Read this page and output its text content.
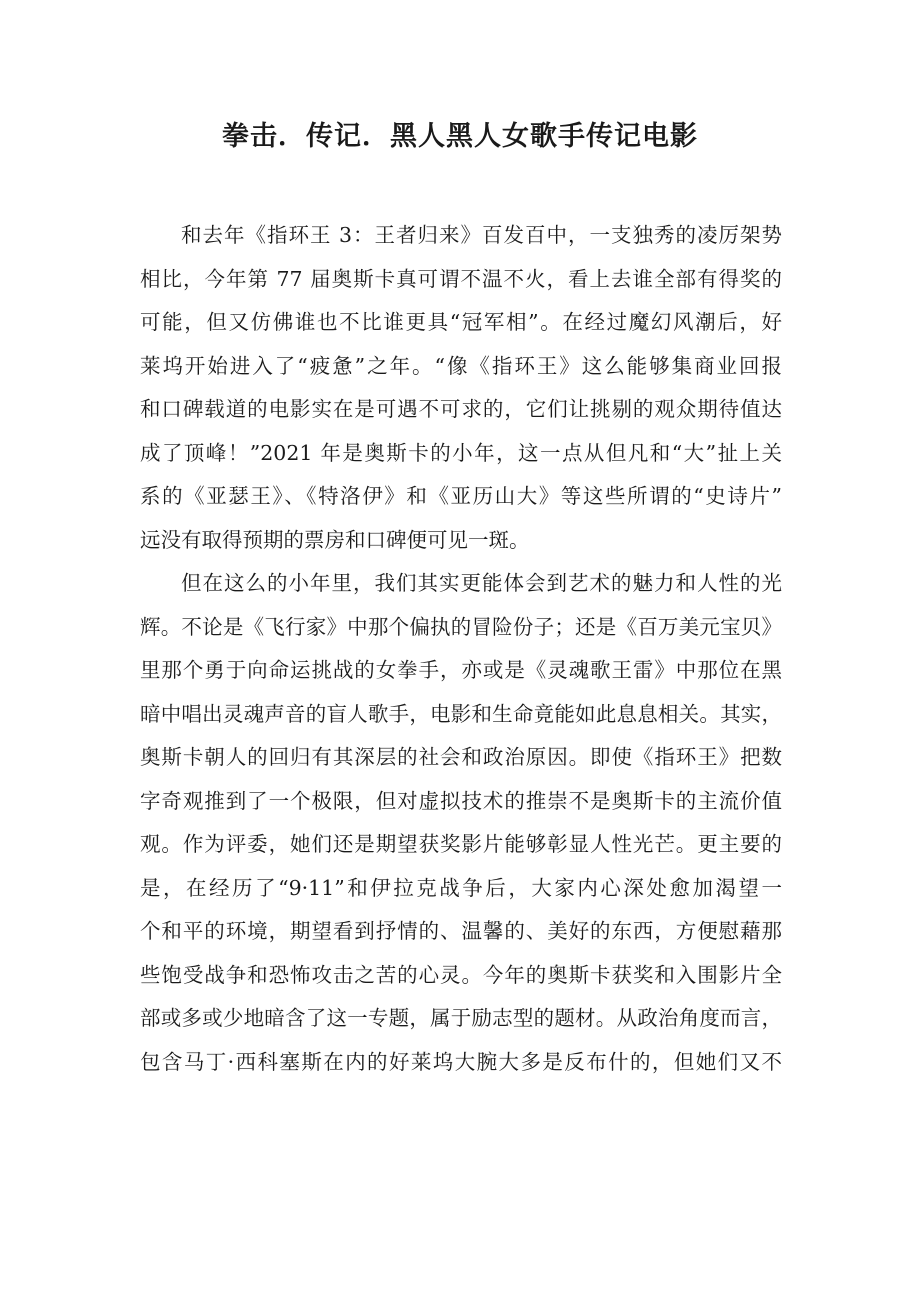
拳击．传记．黑人黑人女歌手传记电影
和去年《指环王 3：王者归来》百发百中，一支独秀的凌厉架势
相比，今年第 77 届奥斯卡真可谓不温不火，看上去谁全部有得奖的
可能，但又仿佛谁也不比谁更具“冠军相”。在经过魔幻风潮后，好
莱坞开始进入了“疲惫”之年。“像《指环王》这么能够集商业回报
和口碑载道的电影实在是可遇不可求的，它们让挑剔的观众期待值达
成了顶峰！”2021 年是奥斯卡的小年，这一点从但凡和“大”扯上关
系的《亚瑟王》、《特洛伊》和《亚历山大》等这些所谓的“史诗片”
远没有取得预期的票房和口碑便可见一斑。
但在这么的小年里，我们其实更能体会到艺术的魅力和人性的光
辉。不论是《飞行家》中那个偏执的冒险份子；还是《百万美元宝贝》
里那个勇于向命运挑战的女拳手，亦或是《灵魂歌王雷》中那位在黑
暗中唱出灵魂声音的盲人歌手，电影和生命竟能如此息息相关。其实，
奥斯卡朝人的回归有其深层的社会和政治原因。即使《指环王》把数
字奇观推到了一个极限，但对虚拟技术的推崇不是奥斯卡的主流价值
观。作为评委，她们还是期望获奖影片能够彰显人性光芒。更主要的
是，在经历了“9·11”和伊拉克战争后，大家内心深处愈加渴望一
个和平的环境，期望看到抒情的、温馨的、美好的东西，方便慰藉那
些饱受战争和恐怖攻击之苦的心灵。今年的奥斯卡获奖和入围影片全
部或多或少地暗含了这一专题，属于励志型的题材。从政治角度而言，
包含马丁·西科塞斯在内的好莱坞大腕大多是反布什的，但她们又不
